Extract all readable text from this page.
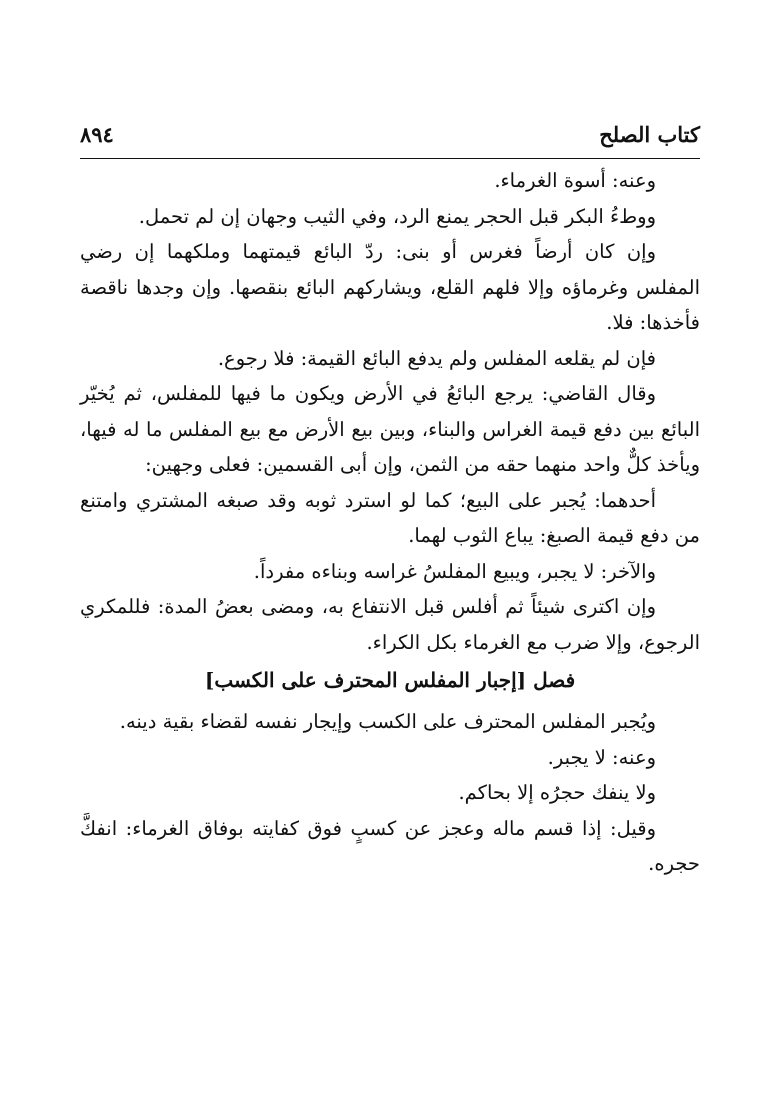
كتاب الصلح
٨٩٤

وعنه: أسوة الغرماء.

ووطءُ البكر قبل الحجر يمنع الرد، وفي الثيب وجهان إن لم تحمل.

وإن كان أرضاً فغرس أو بنى: ردّ البائع قيمتهما وملكهما إن رضي المفلس وغرماؤه وإلا فلهم القلع، ويشاركهم البائع بنقصها. وإن وجدها ناقصة فأخذها: فلا.

فإن لم يقلعه المفلس ولم يدفع البائع القيمة: فلا رجوع.

وقال القاضي: يرجع البائعُ في الأرض ويكون ما فيها للمفلس، ثم يُخيّر البائع بين دفع قيمة الغراس والبناء، وبين بيع الأرض مع بيع المفلس ما له فيها، ويأخذ كلٌّ واحد منهما حقه من الثمن، وإن أبى القسمين: فعلى وجهين:

أحدهما: يُجبر على البيع؛ كما لو استرد ثوبه وقد صبغه المشتري وامتنع من دفع قيمة الصبغ: يباع الثوب لهما.

والآخر: لا يجبر، ويبيع المفلسُ غراسه وبناءه مفرداً.

وإن اكترى شيئاً ثم أفلس قبل الانتفاع به، ومضى بعضُ المدة: فللمكري الرجوع، وإلا ضرب مع الغرماء بكل الكراء.

فصل [إجبار المفلس المحترف على الكسب]

ويُجبر المفلس المحترف على الكسب وإيجار نفسه لقضاء بقية دينه.

وعنه: لا يجبر.

ولا ينفك حجرُه إلا بحاكم.

وقيل: إذا قسم ماله وعجز عن كسبٍ فوق كفايته بوفاق الغرماء: انفكَّ حجره.
